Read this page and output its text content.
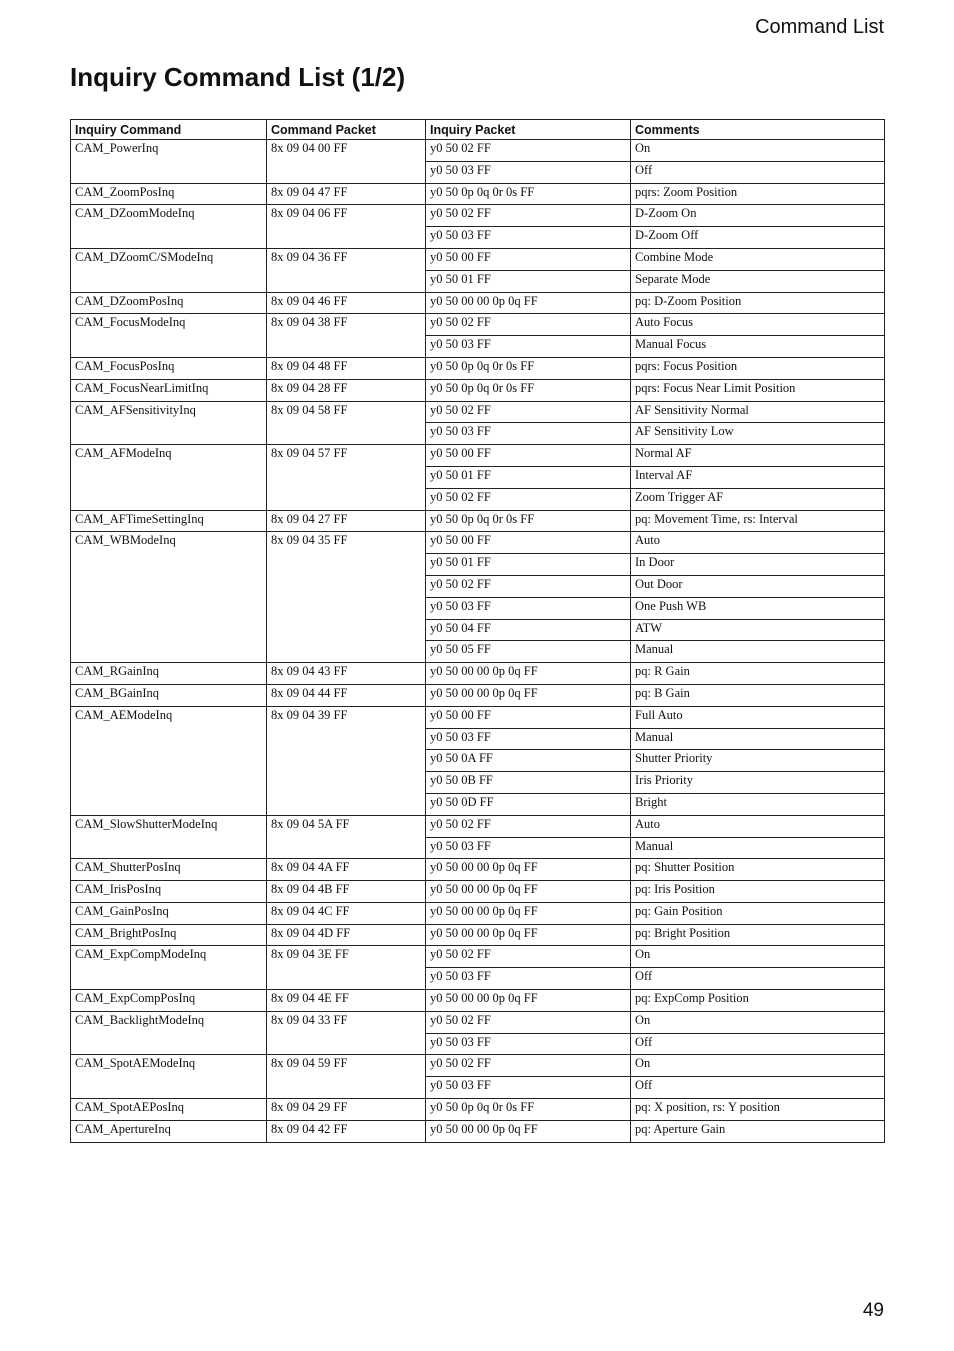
Command List
Inquiry Command List (1/2)
Inquiry Command	Command Packet	Inquiry Packet	Comments
CAM_PowerInq	8x 09 04 00 FF	y0 50 02 FF	On
		y0 50 03 FF	Off
CAM_ZoomPosInq	8x 09 04 47 FF	y0 50 0p 0q 0r 0s FF	pqrs: Zoom Position
CAM_DZoomModeInq	8x 09 04 06 FF	y0 50 02 FF	D-Zoom On
		y0 50 03 FF	D-Zoom Off
CAM_DZoomC/SModeInq	8x 09 04 36 FF	y0 50 00 FF	Combine Mode
		y0 50 01 FF	Separate Mode
CAM_DZoomPosInq	8x 09 04 46 FF	y0 50 00 00 0p 0q FF	pq: D-Zoom Position
CAM_FocusModeInq	8x 09 04 38 FF	y0 50 02 FF	Auto Focus
		y0 50 03 FF	Manual Focus
CAM_FocusPosInq	8x 09 04 48 FF	y0 50 0p 0q 0r 0s FF	pqrs: Focus Position
CAM_FocusNearLimitInq	8x 09 04 28 FF	y0 50 0p 0q 0r 0s FF	pqrs: Focus Near Limit Position
CAM_AFSensitivityInq	8x 09 04 58 FF	y0 50 02 FF	AF Sensitivity Normal
		y0 50 03 FF	AF Sensitivity Low
CAM_AFModeInq	8x 09 04 57 FF	y0 50 00 FF	Normal AF
		y0 50 01 FF	Interval AF
		y0 50 02 FF	Zoom Trigger AF
CAM_AFTimeSettingInq	8x 09 04 27 FF	y0 50 0p 0q 0r 0s FF	pq: Movement Time, rs: Interval
CAM_WBModeInq	8x 09 04 35 FF	y0 50 00 FF	Auto
		y0 50 01 FF	In Door
		y0 50 02 FF	Out Door
		y0 50 03 FF	One Push WB
		y0 50 04 FF	ATW
		y0 50 05 FF	Manual
CAM_RGainInq	8x 09 04 43 FF	y0 50 00 00 0p 0q FF	pq: R Gain
CAM_BGainInq	8x 09 04 44 FF	y0 50 00 00 0p 0q FF	pq: B Gain
CAM_AEModeInq	8x 09 04 39 FF	y0 50 00 FF	Full Auto
		y0 50 03 FF	Manual
		y0 50 0A FF	Shutter Priority
		y0 50 0B FF	Iris Priority
		y0 50 0D FF	Bright
CAM_SlowShutterModeInq	8x 09 04 5A FF	y0 50 02 FF	Auto
		y0 50 03 FF	Manual
CAM_ShutterPosInq	8x 09 04 4A FF	y0 50 00 00 0p 0q FF	pq: Shutter Position
CAM_IrisPosInq	8x 09 04 4B FF	y0 50 00 00 0p 0q FF	pq: Iris Position
CAM_GainPosInq	8x 09 04 4C FF	y0 50 00 00 0p 0q FF	pq: Gain Position
CAM_BrightPosInq	8x 09 04 4D FF	y0 50 00 00 0p 0q FF	pq: Bright Position
CAM_ExpCompModeInq	8x 09 04 3E FF	y0 50 02 FF	On
		y0 50 03 FF	Off
CAM_ExpCompPosInq	8x 09 04 4E FF	y0 50 00 00 0p 0q FF	pq: ExpComp Position
CAM_BacklightModeInq	8x 09 04 33 FF	y0 50 02 FF	On
		y0 50 03 FF	Off
CAM_SpotAEModeInq	8x 09 04 59 FF	y0 50 02 FF	On
		y0 50 03 FF	Off
CAM_SpotAEPosInq	8x 09 04 29 FF	y0 50 0p 0q 0r 0s FF	pq: X position, rs: Y position
CAM_ApertureInq	8x 09 04 42 FF	y0 50 00 00 0p 0q FF	pq: Aperture Gain
49
